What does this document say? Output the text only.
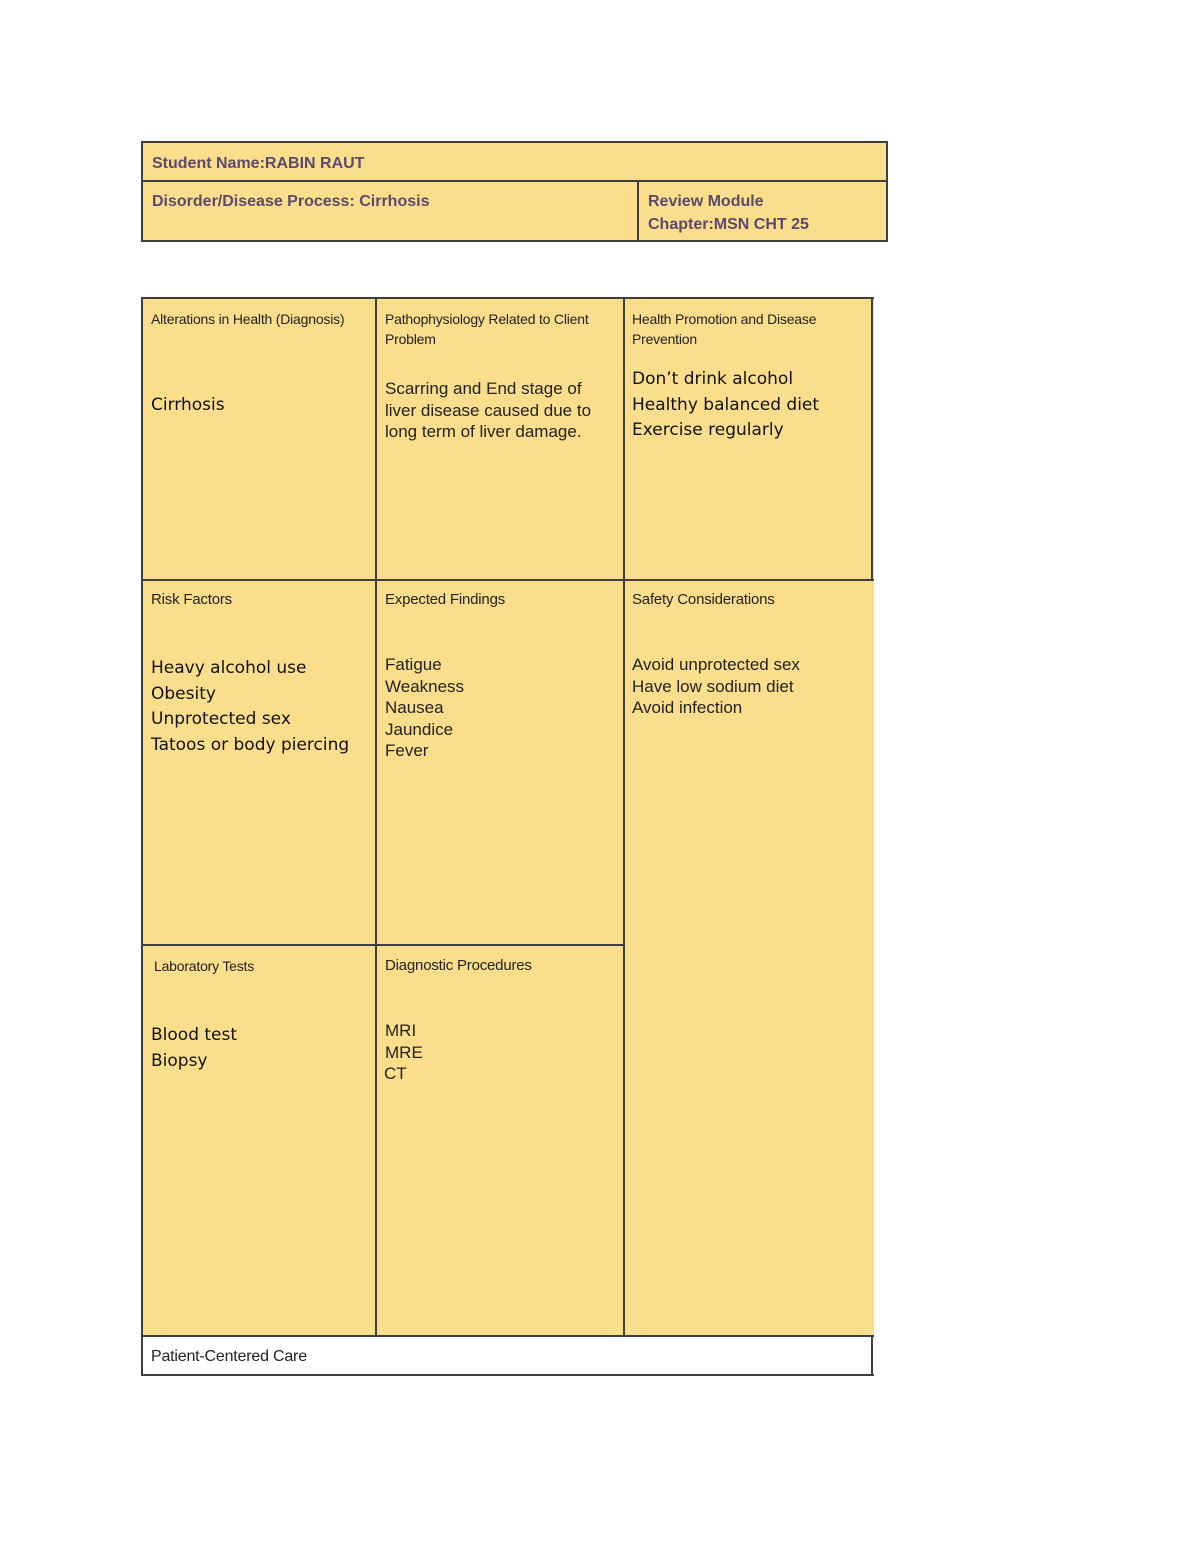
Student Name:RABIN RAUT
Disorder/Disease Process: Cirrhosis	Review Module
Chapter:MSN CHT 25
Alterations in Health (Diagnosis)
Cirrhosis
Pathophysiology Related to Client Problem
Scarring and End stage of liver disease caused due to long term of liver damage.
Health Promotion and Disease Prevention
Don’t drink alcohol
Healthy balanced diet
Exercise regularly
Risk Factors
Heavy alcohol use
Obesity
Unprotected sex
Tatoos or body piercing
Expected Findings
Fatigue
Weakness
Nausea
Jaundice
Fever
Safety Considerations
Avoid unprotected sex
Have low sodium diet
Avoid infection
Laboratory Tests
Blood test
Biopsy
Diagnostic Procedures
MRI
MRE
CT
Patient-Centered Care
